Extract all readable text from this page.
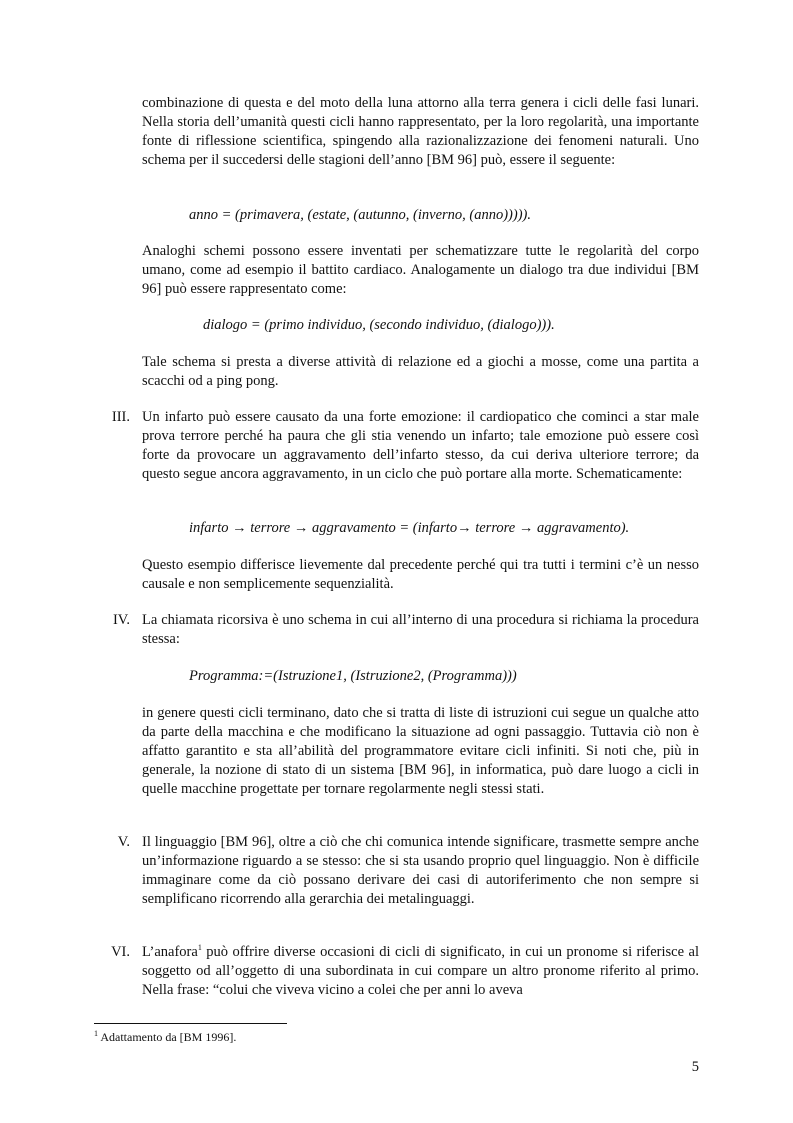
combinazione di questa e del moto della luna attorno alla terra genera i cicli delle fasi lunari. Nella storia dell’umanità questi cicli hanno rappresentato, per la loro regolarità, una importante fonte di riflessione scientifica, spingendo alla razionalizzazione dei fenomeni naturali. Uno schema per il succedersi delle stagioni dell’anno [BM 96] può, essere il seguente:

anno = (primavera, (estate, (autunno, (inverno, (anno))))).

Analoghi schemi possono essere inventati per schematizzare tutte le regolarità del corpo umano, come ad esempio il battito cardiaco. Analogamente un dialogo tra due individui [BM 96] può essere rappresentato come:

dialogo = (primo individuo, (secondo individuo, (dialogo))).

Tale schema si presta a diverse attività di relazione ed a giochi a mosse, come una partita a scacchi od a ping pong.

III. Un infarto può essere causato da una forte emozione: il cardiopatico che cominci a star male prova terrore perché ha paura che gli stia venendo un infarto; tale emozione può essere così forte da provocare un aggravamento dell’infarto stesso, da cui deriva ulteriore terrore; da questo segue ancora aggravamento, in un ciclo che può portare alla morte. Schematicamente:

infarto → terrore → aggravamento = (infarto→ terrore → aggravamento).

Questo esempio differisce lievemente dal precedente perché qui tra tutti i termini c’è un nesso causale e non semplicemente sequenzialità.

IV. La chiamata ricorsiva è uno schema in cui all’interno di una procedura si richiama la procedura stessa:

Programma:=(Istruzione1, (Istruzione2, (Programma)))

in genere questi cicli terminano, dato che si tratta di liste di istruzioni cui segue un qualche atto da parte della macchina e che modificano la situazione ad ogni passaggio. Tuttavia ciò non è affatto garantito e sta all’abilità del programmatore evitare cicli infiniti. Si noti che, più in generale, la nozione di stato di un sistema [BM 96], in informatica, può dare luogo a cicli in quelle macchine progettate per tornare regolarmente negli stessi stati.

V. Il linguaggio [BM 96], oltre a ciò che chi comunica intende significare, trasmette sempre anche un’informazione riguardo a se stesso: che si sta usando proprio quel linguaggio. Non è difficile immaginare come da ciò possano derivare dei casi di autoriferimento che non sempre si semplificano ricorrendo alla gerarchia dei metalinguaggi.

VI. L’anafora$^1$ può offrire diverse occasioni di cicli di significato, in cui un pronome si riferisce al soggetto od all’oggetto di una subordinata in cui compare un altro pronome riferito al primo. Nella frase: “colui che viveva vicino a colei che per anni lo aveva

$^1$ Adattamento da [BM 1996].

5
